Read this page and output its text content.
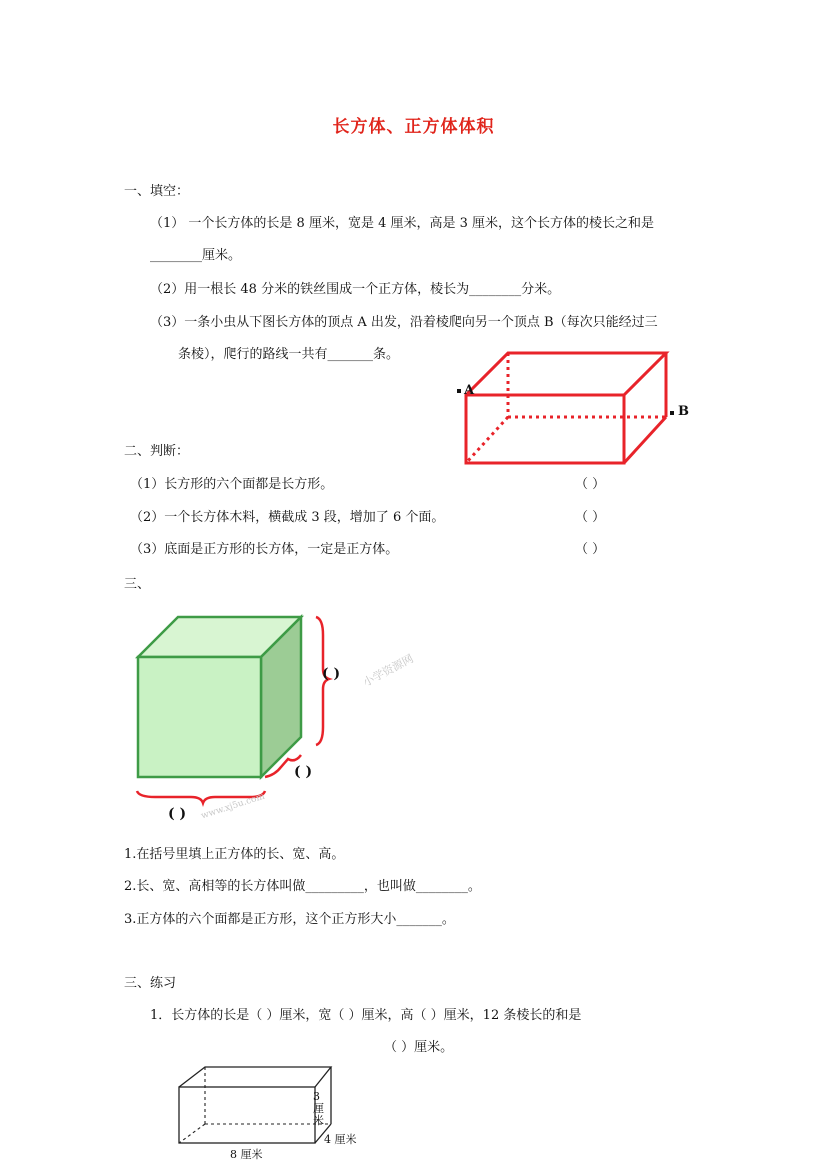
长方体、正方体体积
一、填空：
（1） 一个长方体的长是 8 厘米，宽是 4 厘米，高是 3 厘米，这个长方体的棱长之和是
________厘米。
（2）用一根长 48 分米的铁丝围成一个正方体，棱长为________分米。
（3）一条小虫从下图长方体的顶点 A 出发，沿着棱爬向另一个顶点 B（每次只能经过三
条棱），爬行的路线一共有_______条。
A
B
二、判断：
（1）长方形的六个面都是长方形。	（ ）
（2）一个长方体木料，横截成 3 段，增加了 6 个面。	（ ）
（3）底面是正方形的长方体，一定是正方体。	（ ）
三、
( )
( )
( )
小学资源网
www.xj5u.com
1.在括号里填上正方体的长、宽、高。
2.长、宽、高相等的长方体叫做_________，也叫做________。
3.正方体的六个面都是正方形，这个正方形大小_______。
三、练习
1．长方体的长是（ ）厘米，宽（ ）厘米，高（ ）厘米，12 条棱长的和是
（ ）厘米。
3
厘
米
4 厘米
8 厘米
